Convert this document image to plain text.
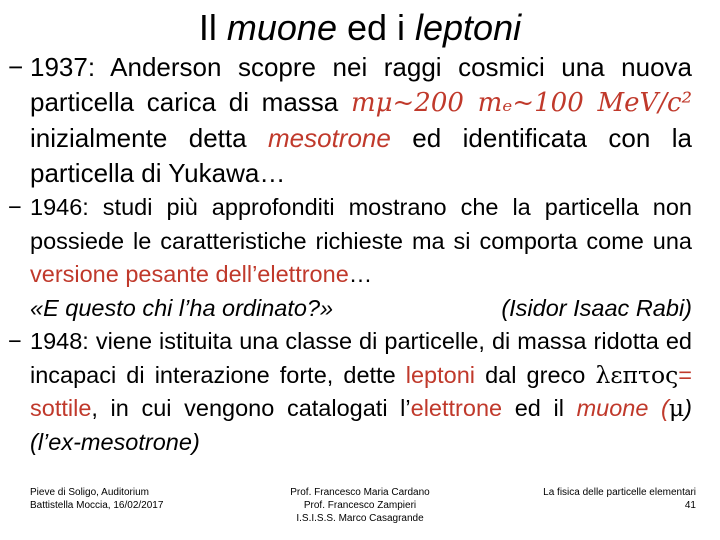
Il muone ed i leptoni

− 1937: Anderson scopre nei raggi cosmici una nuova particella carica di massa mμ~200 mₑ~100 MeV/c² inizialmente detta mesotrone ed identificata con la particella di Yukawa…

− 1946: studi più approfonditi mostrano che la particella non possiede le caratteristiche richieste ma si comporta come una versione pesante dell’elettrone…
«E questo chi l’ha ordinato?»	(Isidor Isaac Rabi)

− 1948: viene istituita una classe di particelle, di massa ridotta ed incapaci di interazione forte, dette leptoni dal greco λεπτος= sottile, in cui vengono catalogati l’elettrone ed il muone (μ) (l’ex-mesotrone)

Pieve di Soligo, Auditorium
Battistella Moccia, 16/02/2017
Prof. Francesco Maria Cardano
Prof. Francesco Zampieri
I.S.I.S.S. Marco Casagrande
La fisica delle particelle elementari
41
